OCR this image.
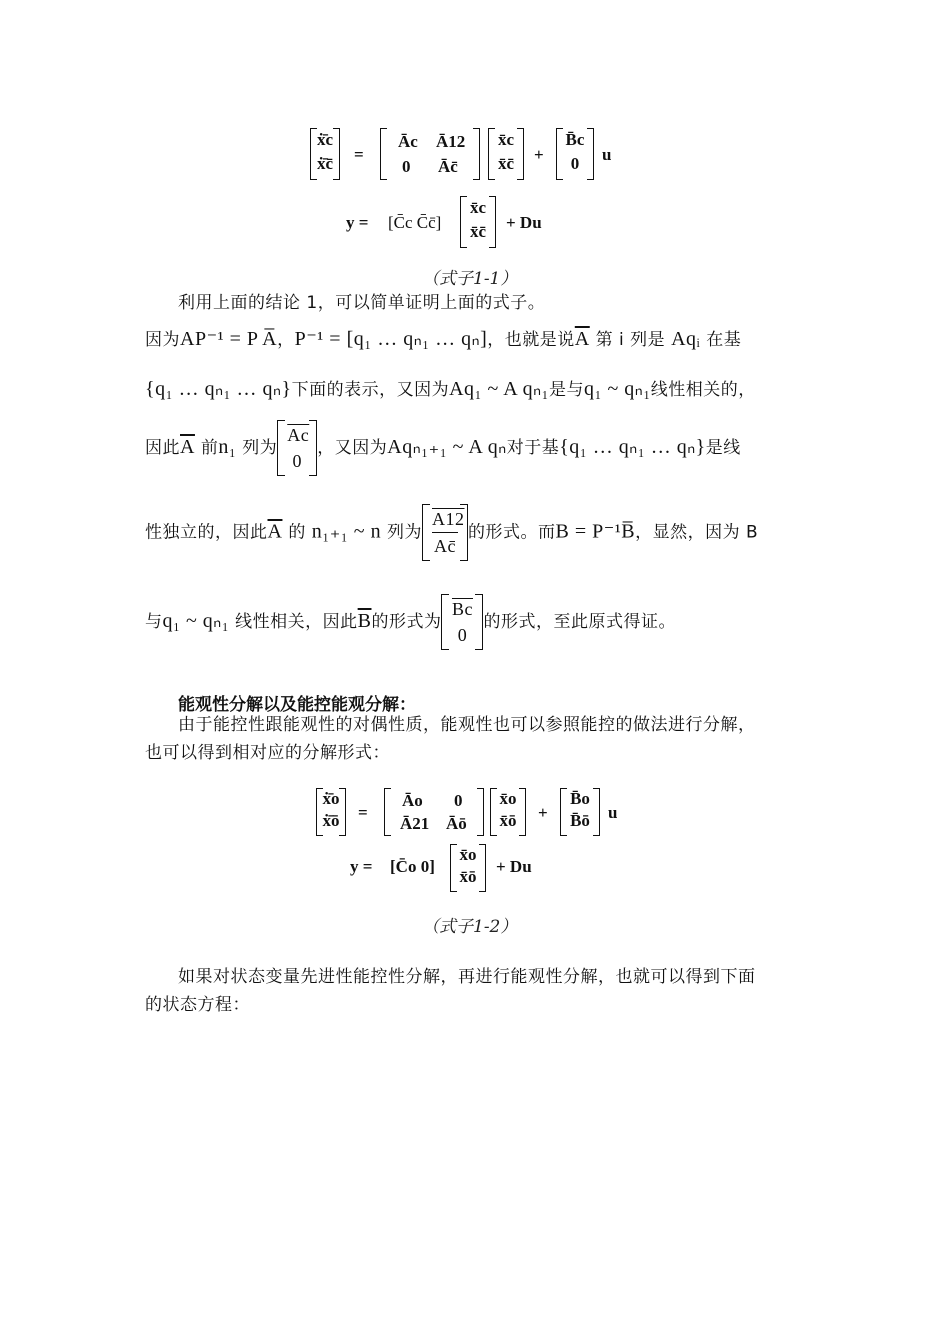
ẋ̄c
ẋ̄c̄	=
Āc Ā12
0 Āc̄
x̄c
x̄c̄	+
B̄c
0	u
y = [C̄c C̄c̄]
x̄c
x̄c̄	+ Du
（式子1-1）
利用上面的结论 1，可以简单证明上面的式子。
因为AP⁻¹ = P A̅，P⁻¹ = [q₁ … qₙ₁ … qₙ]，也就是说$\overline{A}$ 第 i 列是 Aqᵢ 在基
{q₁ … qₙ₁ … qₙ}下面的表示，又因为Aq₁ ~ A qₙ₁是与q₁ ~ qₙ₁线性相关的，
因此$\overline{A}$ 前n₁ 列为
$\overline{Ac}$
0
，又因为Aqₙ₁₊₁ ~ A qₙ对于基{q₁ … qₙ₁ … qₙ}是线
性独立的，因此$\overline{A}$ 的 n₁₊₁ ~ n 列为 $\frac{A12}{Ac̄}$ 的形式。而B = P⁻¹B̅，显然，因为 B
与q₁ ~ qₙ₁ 线性相关，因此$\overline{B}$的形式为
$\overline{Bc}$
0
的形式，至此原式得证。
能观性分解以及能控能观分解：
由于能控性跟能观性的对偶性质，能观性也可以参照能控的做法进行分解，
也可以得到相对应的分解形式：
ẋ̄o
ẋ̄ō	=
Āo 0
Ā21 Āō
x̄o
x̄ō	+
B̄o
B̄ō	u
y = [C̄o 0]
x̄o
x̄ō
+ Du
（式子1-2）
如果对状态变量先进性能控性分解，再进行能观性分解，也就可以得到下面
的状态方程：
